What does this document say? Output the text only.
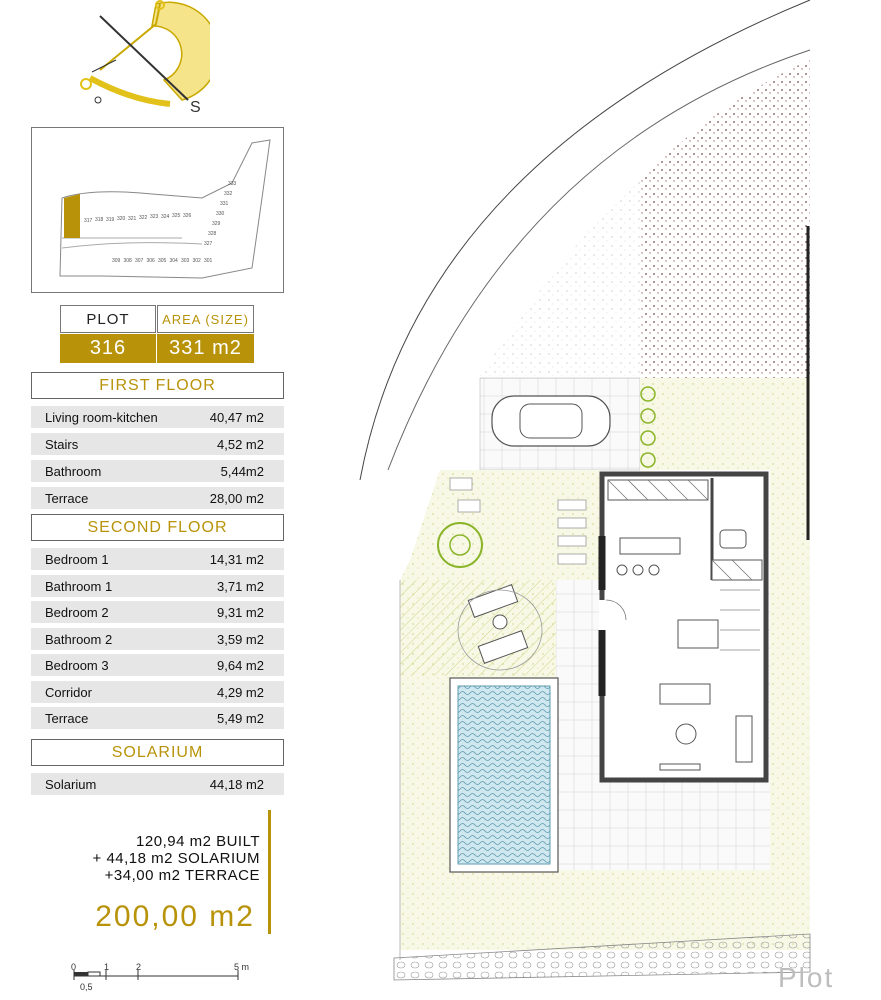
S
317 318 319 320 321 322 323 324 325 326
327
328
329
330
331
332
333
309 308 307 306 305 304 303 302 301
PLOT	AREA (SIZE)
316	331 m2
FIRST FLOOR
Living room-kitchen	40,47 m2
Stairs	4,52 m2
Bathroom	5,44m2
Terrace	28,00 m2
SECOND FLOOR
Bedroom 1	14,31 m2
Bathroom 1	3,71 m2
Bedroom 2	9,31 m2
Bathroom 2	3,59 m2
Bedroom 3	9,64 m2
Corridor	4,29 m2
Terrace	5,49 m2
SOLARIUM
Solarium	44,18 m2
120,94 m2 BUILT
+ 44,18 m2 SOLARIUM
+34,00 m2 TERRACE
200,00 m2
0	1	2	5 m
0,5	Plot
